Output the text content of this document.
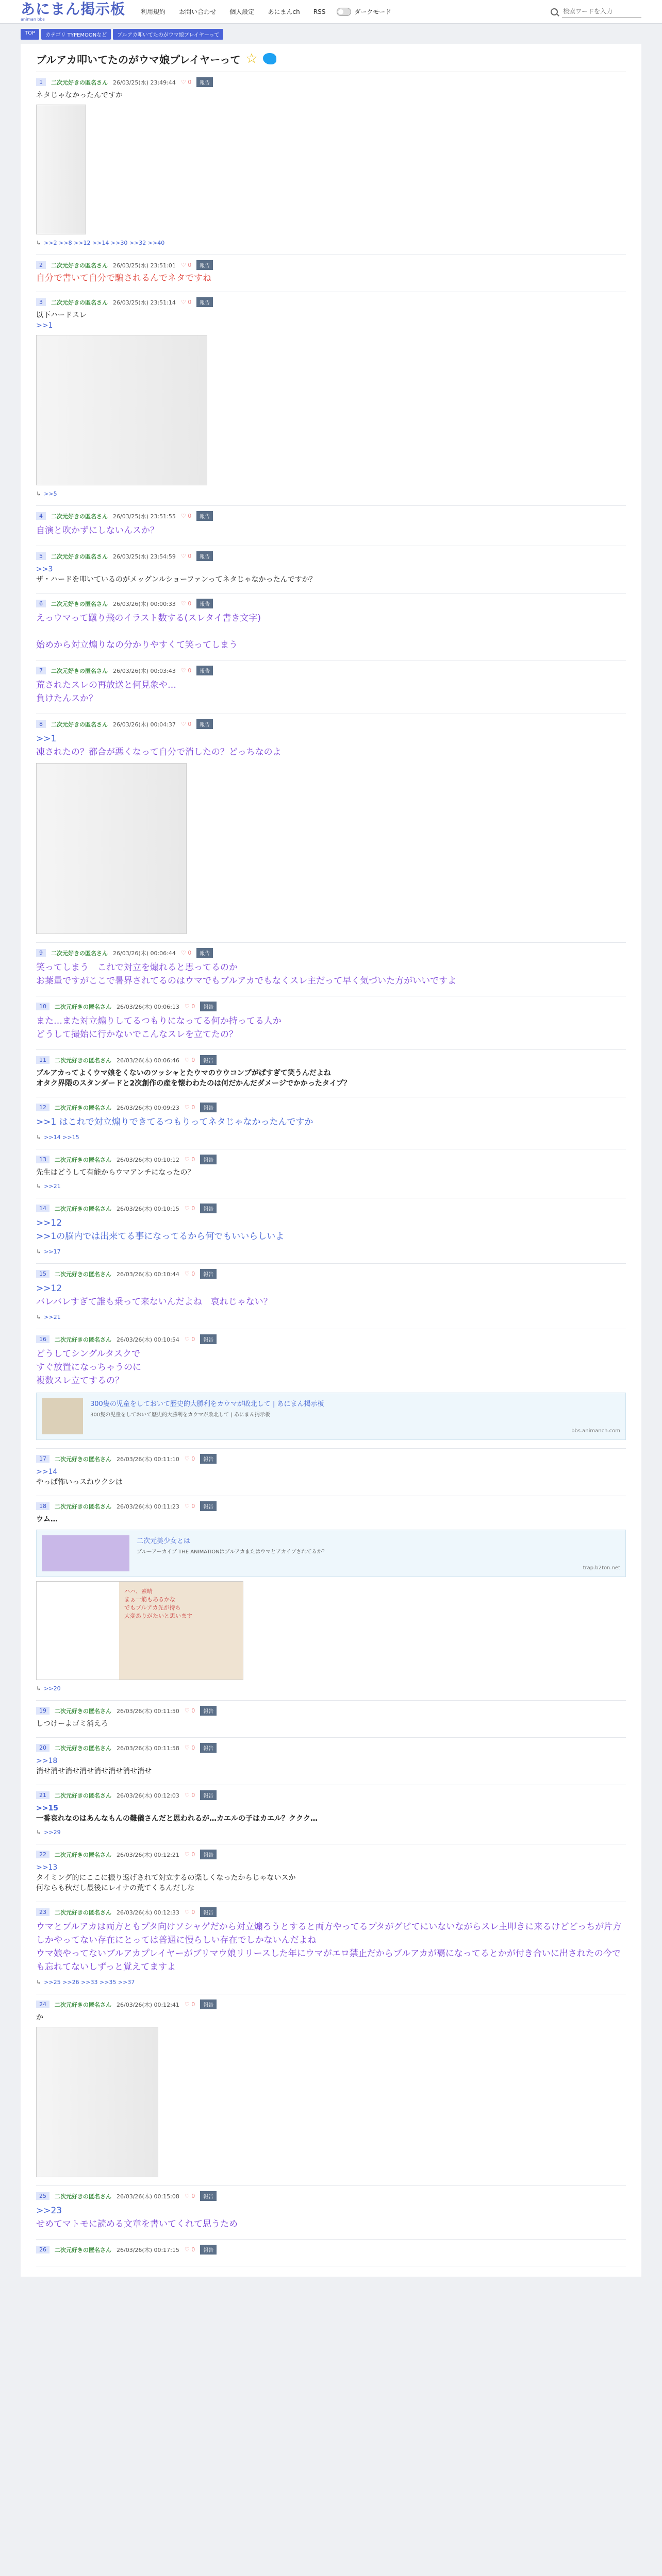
あにまん掲示板
animan bbs
利用規約 お問い合わせ 個人設定 あにまんch RSS	ダークモード
検索ワードを入力
TOP	カテゴリ TYPEMOONなど	ブルアカ叩いてたのがウマ娘プレイヤーって
ブルアカ叩いてたのがウマ娘プレイヤーって ☆
1	二次元好きの匿名さん 26/03/25(水) 23:49:44 ♡ 0	報告
ネタじゃなかったんですか
↳ >>2 >>8 >>12 >>14 >>30 >>32 >>40
2	二次元好きの匿名さん 26/03/25(水) 23:51:01 ♡ 0	報告
自分で書いて自分で騙されるんでネタですね
3	二次元好きの匿名さん 26/03/25(水) 23:51:14 ♡ 0	報告
以下ハードスレ
>>1
↳ >>5
4	二次元好きの匿名さん 26/03/25(水) 23:51:55 ♡ 0	報告
自演と吹かずにしないんスか？
5	二次元好きの匿名さん 26/03/25(水) 23:54:59 ♡ 0	報告
>>3
ザ・ハードを叩いているのがメッグンルショーファンってネタじゃなかったんですか？
6	二次元好きの匿名さん 26/03/26(木) 00:00:33 ♡ 0	報告
えっウマって蹴り飛のイラスト数する(スレタイ書き文字)

始めから対立煽りなの分かりやすくて笑ってしまう
7	二次元好きの匿名さん 26/03/26(木) 00:03:43 ♡ 0	報告
荒されたスレの再放送と何見象や…
負けたんスか？
8	二次元好きの匿名さん 26/03/26(木) 00:04:37 ♡ 0	報告
>>1
凍されたの？都合が悪くなって自分で消したの？どっちなのよ
9	二次元好きの匿名さん 26/03/26(木) 00:06:44 ♡ 0	報告
笑ってしまう　これで対立を煽れると思ってるのか
お葉量ですがここで暑界されてるのはウマでもブルアカでもなくスレ主だって早く気づいた方がいいですよ
10	二次元好きの匿名さん 26/03/26(木) 00:06:13 ♡ 0	報告
また…また対立煽りしてるつもりになってる何か持ってる人か
どうして撮始に行かないでこんなスレを立てたの？
11	二次元好きの匿名さん 26/03/26(木) 00:06:46 ♡ 0	報告
ブルアカってよくウマ娘をくないのツッシャとたウマのウウコンプがぱすぎて笑うんだよね
オタク界隈のスタンダードと2次創作の産を懐わわたのは何だかんだダメージでかかったタイプ？
12	二次元好きの匿名さん 26/03/26(木) 00:09:23 ♡ 0	報告
>>1 はこれで対立煽りできてるつもりってネタじゃなかったんですか
↳ >>14 >>15
13	二次元好きの匿名さん 26/03/26(木) 00:10:12 ♡ 0	報告
先生はどうして有能からウマアンチになったの？
↳ >>21
14	二次元好きの匿名さん 26/03/26(木) 00:10:15 ♡ 0	報告
>>12
>>1の脳内では出来てる事になってるから何でもいいらしいよ
↳ >>17
15	二次元好きの匿名さん 26/03/26(木) 00:10:44 ♡ 0	報告
>>12
バレバレすぎて誰も乗って来ないんだよね　哀れじゃない？
↳ >>21
16	二次元好きの匿名さん 26/03/26(木) 00:10:54 ♡ 0	報告
どうしてシングルタスクで
すぐ放置になっちゃうのに
複数スレ立てするの？
300隻の児童をしておいて歴史的大勝利をカウマが敗北して | あにまん掲示板
300隻の児童をしておいて歴史的大勝利をカウマが敗北して | あにまん掲示板
bbs.animanch.com
17	二次元好きの匿名さん 26/03/26(木) 00:11:10 ♡ 0	報告
>>14
やっぱ怖いっスねウクシは
18	二次元好きの匿名さん 26/03/26(木) 00:11:23 ♡ 0	報告
ウム…
二次元美少女とは
ブルーアーカイブ THE ANIMATIONはブルアカまたはウマとアカイブされてるか？
trap.b2ton.net
ハハ、素晴
まぁ一筋もあるかな
でもブルアカ先が持ち
大変ありがたいと思います
↳ >>20
19	二次元好きの匿名さん 26/03/26(木) 00:11:50 ♡ 0	報告
しつけーよゴミ消えろ
20	二次元好きの匿名さん 26/03/26(木) 00:11:58 ♡ 0	報告
>>18
消せ消せ消せ消せ消せ消せ消せ消せ
21	二次元好きの匿名さん 26/03/26(木) 00:12:03 ♡ 0	報告
>>15
一番哀れなのはあんなもんの難儀さんだと思われるが…カエルの子はカエル？ククク…
↳ >>29
22	二次元好きの匿名さん 26/03/26(木) 00:12:21 ♡ 0	報告
>>13
タイミング的にここに振り返げされて対立するの楽しくなったからじゃないスか
何ならも秋だし最後にレイナの荒てくるんだしな
23	二次元好きの匿名さん 26/03/26(木) 00:12:33 ♡ 0	報告
ウマとブルアカは両方ともプタ向けソシャゲだから対立煽ろうとすると両方やってるプタがグビてにいないながらスレ主叩きに来るけどどっちが片方しかやってない存在にとっては普通に慢らしい存在でしかないんだよね
ウマ娘やってないブルアカプレイヤーがブリマウ娘リリースした年にウマがエロ禁止だからブルアカが覇になってるとかが付き合いに出されたの今でも忘れてないしずっと覚えてますよ
↳ >>25 >>26 >>33 >>35 >>37
24	二次元好きの匿名さん 26/03/26(木) 00:12:41 ♡ 0	報告
か
25	二次元好きの匿名さん 26/03/26(木) 00:15:08 ♡ 0	報告
>>23
せめてマトモに読める文章を書いてくれて思うため
26	二次元好きの匿名さん 26/03/26(木) 00:17:15 ♡ 0	報告
